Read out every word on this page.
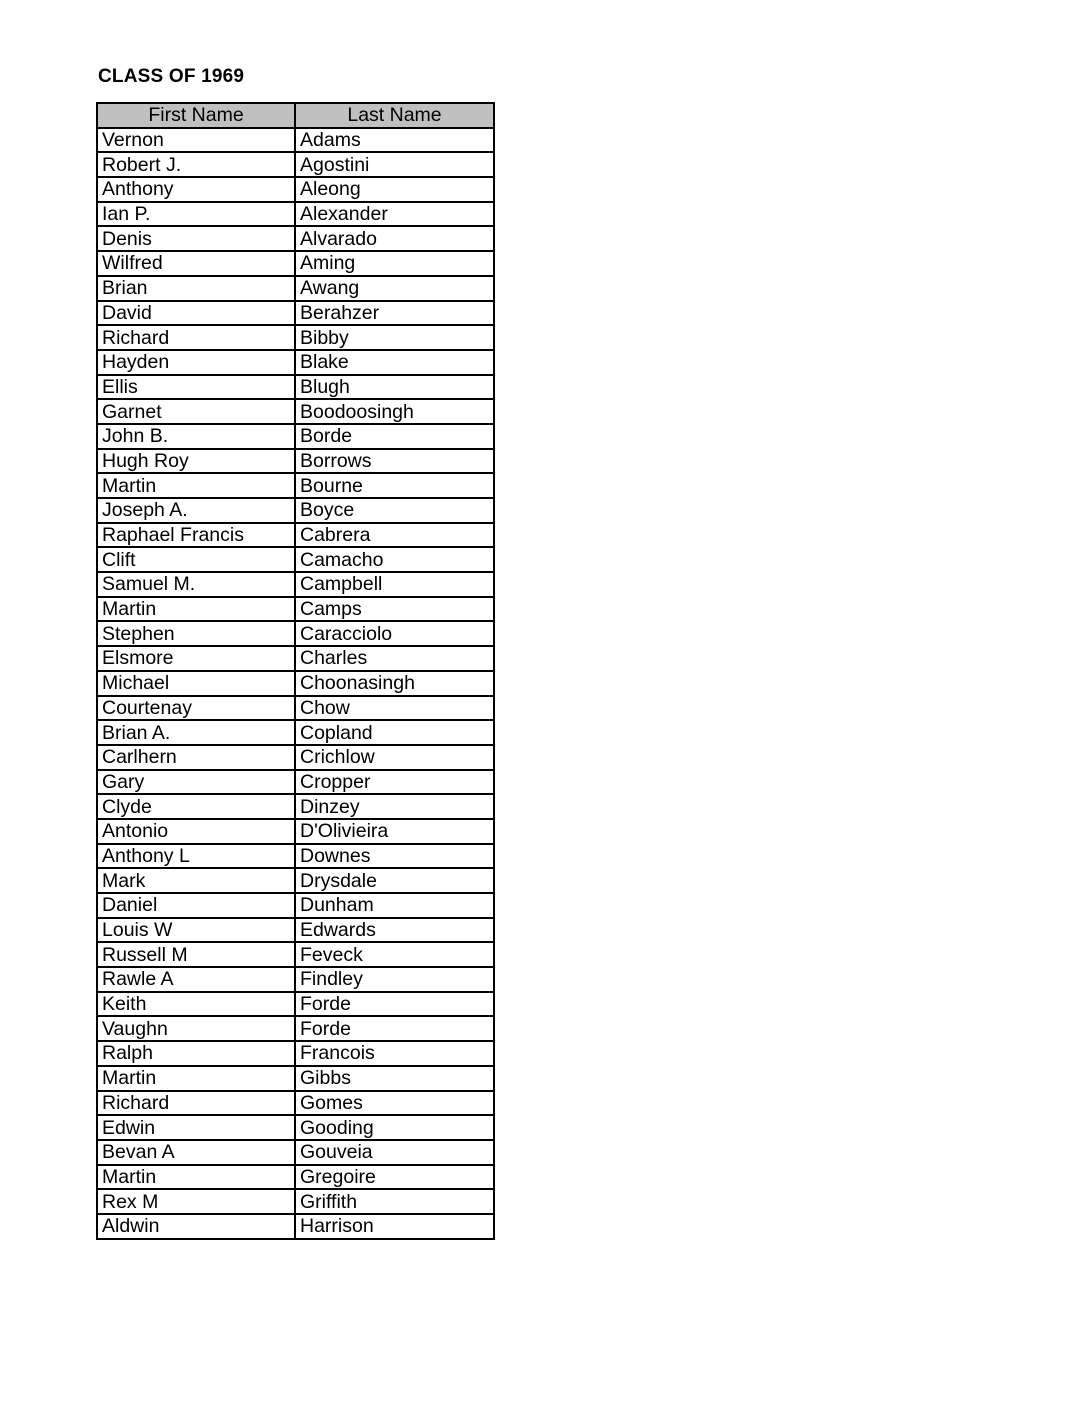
CLASS OF 1969
First Name	Last Name
Vernon	Adams
Robert J.	Agostini
Anthony	Aleong
Ian P.	Alexander
Denis	Alvarado
Wilfred	Aming
Brian	Awang
David	Berahzer
Richard	Bibby
Hayden	Blake
Ellis	Blugh
Garnet	Boodoosingh
John B.	Borde
Hugh Roy	Borrows
Martin	Bourne
Joseph A.	Boyce
Raphael Francis	Cabrera
Clift	Camacho
Samuel M.	Campbell
Martin	Camps
Stephen	Caracciolo
Elsmore	Charles
Michael	Choonasingh
Courtenay	Chow
Brian A.	Copland
Carlhern	Crichlow
Gary	Cropper
Clyde	Dinzey
Antonio	D'Olivieira
Anthony L	Downes
Mark	Drysdale
Daniel	Dunham
Louis W	Edwards
Russell M	Feveck
Rawle A	Findley
Keith	Forde
Vaughn	Forde
Ralph	Francois
Martin	Gibbs
Richard	Gomes
Edwin	Gooding
Bevan A	Gouveia
Martin	Gregoire
Rex M	Griffith
Aldwin	Harrison
